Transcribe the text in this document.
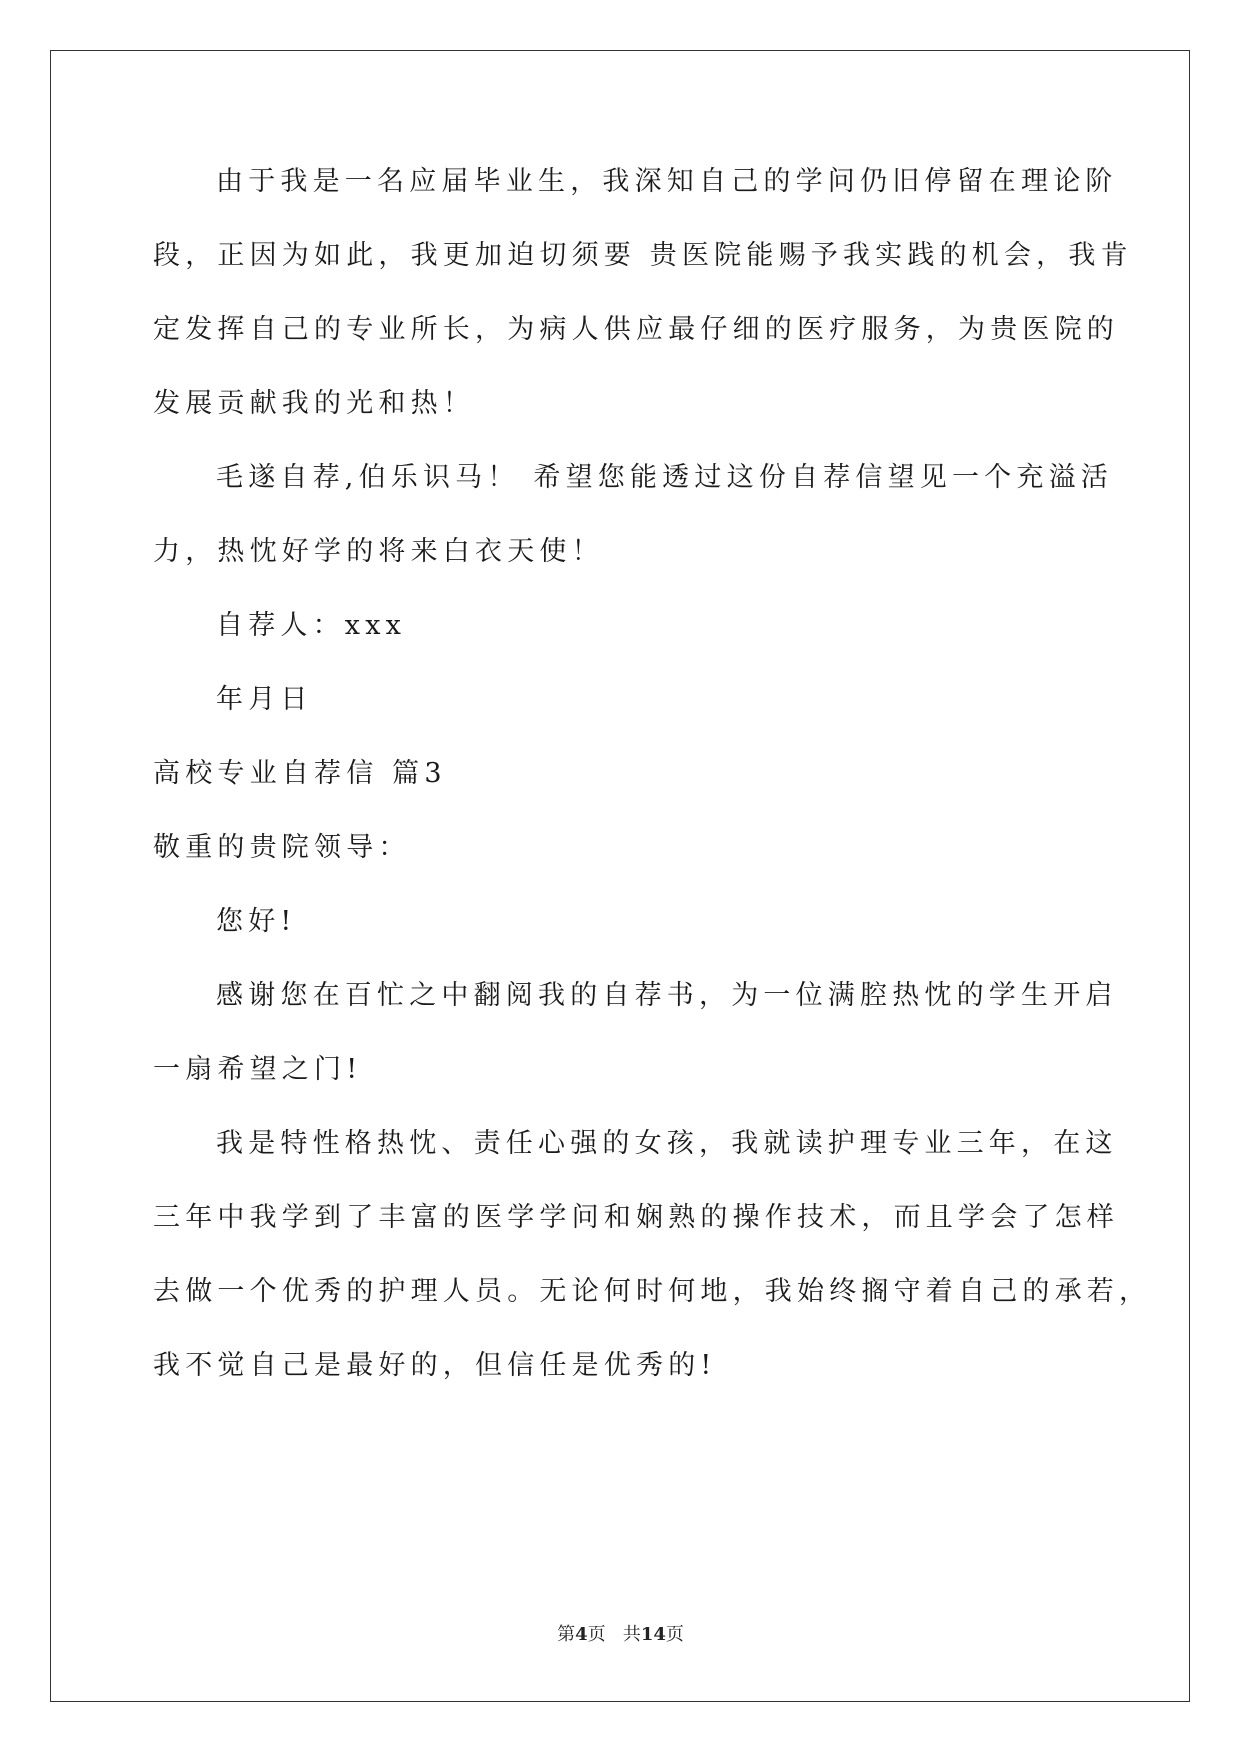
由于我是一名应届毕业生，我深知自己的学问仍旧停留在理论阶
段，正因为如此，我更加迫切须要 贵医院能赐予我实践的机会，我肯
定发挥自己的专业所长，为病人供应最仔细的医疗服务，为贵医院的
发展贡献我的光和热！
毛遂自荐,伯乐识马！ 希望您能透过这份自荐信望见一个充溢活
力，热忱好学的将来白衣天使！
自荐人：xxx
年月日
高校专业自荐信 篇3
敬重的贵院领导：
您好!
感谢您在百忙之中翻阅我的自荐书，为一位满腔热忱的学生开启
一扇希望之门!
我是特性格热忱、责任心强的女孩，我就读护理专业三年，在这
三年中我学到了丰富的医学学问和娴熟的操作技术，而且学会了怎样
去做一个优秀的护理人员。无论何时何地，我始终搁守着自己的承若，
我不觉自己是最好的，但信任是优秀的!
第4页 共14页
